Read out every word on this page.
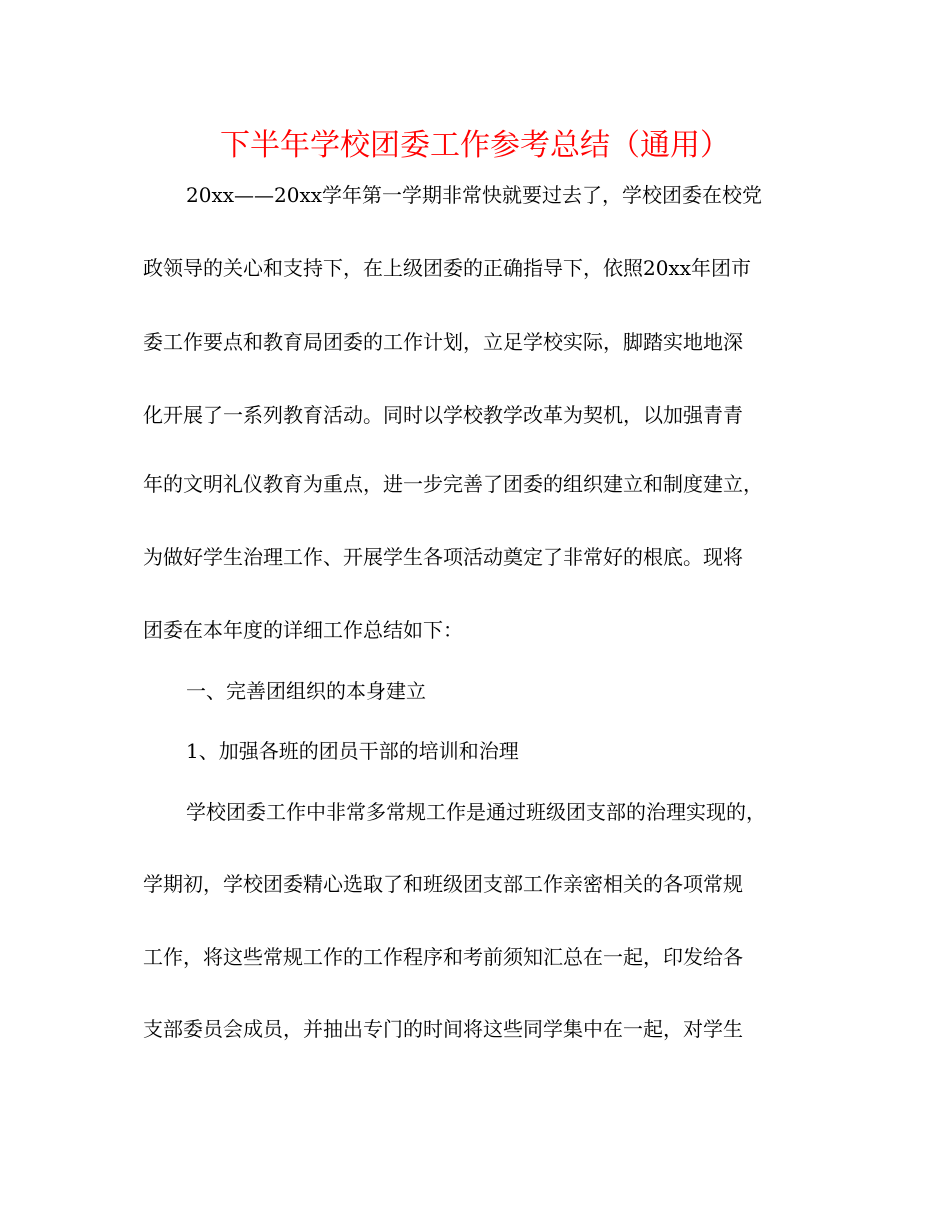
下半年学校团委工作参考总结（通用）
20xx——20xx学年第一学期非常快就要过去了，学校团委在校党
政领导的关心和支持下，在上级团委的正确指导下，依照20xx年团市
委工作要点和教育局团委的工作计划，立足学校实际，脚踏实地地深
化开展了一系列教育活动。同时以学校教学改革为契机，以加强青青
年的文明礼仪教育为重点，进一步完善了团委的组织建立和制度建立，
为做好学生治理工作、开展学生各项活动奠定了非常好的根底。现将
团委在本年度的详细工作总结如下：
一、完善团组织的本身建立
1、加强各班的团员干部的培训和治理
学校团委工作中非常多常规工作是通过班级团支部的治理实现的，
学期初，学校团委精心选取了和班级团支部工作亲密相关的各项常规
工作，将这些常规工作的工作程序和考前须知汇总在一起，印发给各
支部委员会成员，并抽出专门的时间将这些同学集中在一起，对学生
